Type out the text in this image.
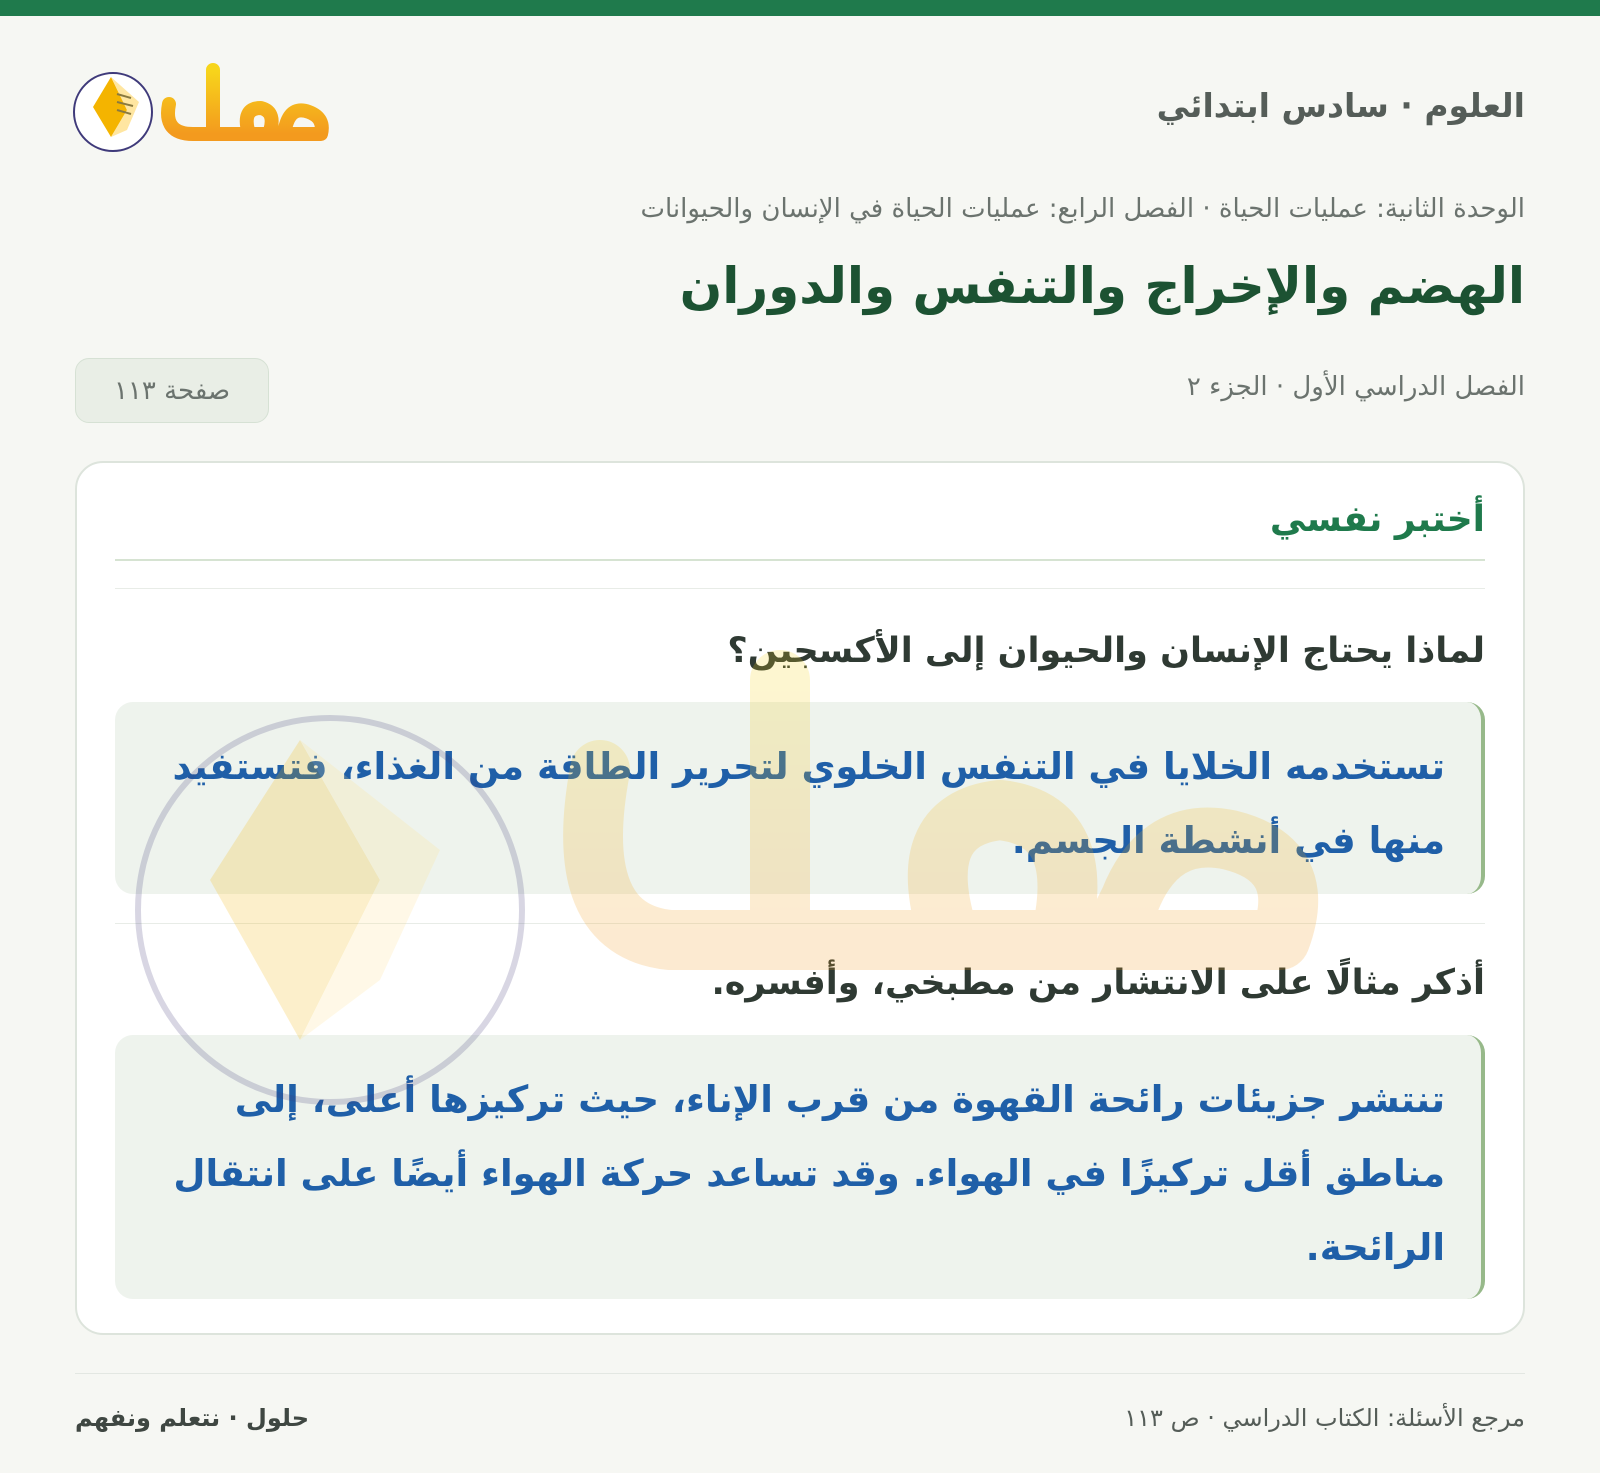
العلوم · سادس ابتدائي
الوحدة الثانية: عمليات الحياة · الفصل الرابع: عمليات الحياة في الإنسان والحيوانات
الهضم والإخراج والتنفس والدوران
الفصل الدراسي الأول · الجزء ٢
صفحة ١١٣
أختبر نفسي
لماذا يحتاج الإنسان والحيوان إلى الأكسجين؟
تستخدمه الخلايا في التنفس الخلوي لتحرير الطاقة من الغذاء، فتستفيد منها في أنشطة الجسم.
أذكر مثالًا على الانتشار من مطبخي، وأفسره.
تنتشر جزيئات رائحة القهوة من قرب الإناء، حيث تركيزها أعلى، إلى مناطق أقل تركيزًا في الهواء. وقد تساعد حركة الهواء أيضًا على انتقال الرائحة.
مرجع الأسئلة: الكتاب الدراسي · ص ١١٣
حلول · نتعلم ونفهم
